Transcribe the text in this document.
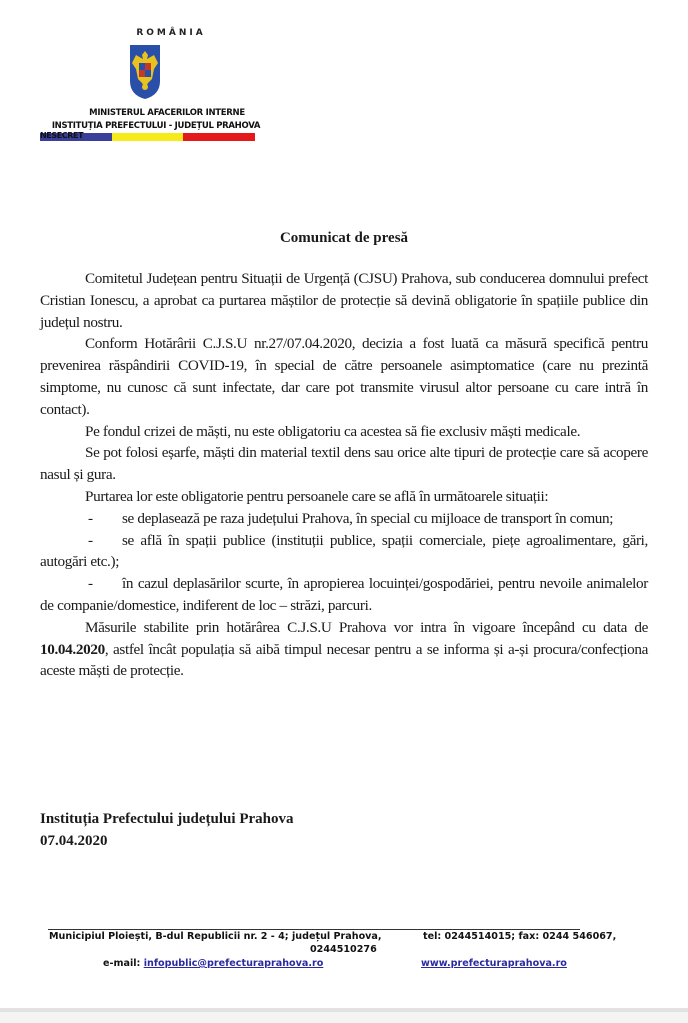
ROMÂNIA
MINISTERUL AFACERILOR INTERNE
INSTITUȚIA PREFECTULUI - JUDEȚUL PRAHOVA
NESECRET
Comunicat de presă

Comitetul Județean pentru Situații de Urgență (CJSU) Prahova, sub conducerea domnului prefect Cristian Ionescu, a aprobat ca purtarea măștilor de protecție să devină obligatorie în spațiile publice din județul nostru.

Conform Hotărârii C.J.S.U nr.27/07.04.2020, decizia a fost luată ca măsură specifică pentru prevenirea răspândirii COVID-19, în special de către persoanele asimptomatice (care nu prezintă simptome, nu cunosc că sunt infectate, dar care pot transmite virusul altor persoane cu care intră în contact).

Pe fondul crizei de măști, nu este obligatoriu ca acestea să fie exclusiv măști medicale.

Se pot folosi eșarfe, măști din material textil dens sau orice alte tipuri de protecție care să acopere nasul și gura.

Purtarea lor este obligatorie pentru persoanele care se află în următoarele situații:

- se deplasează pe raza județului Prahova, în special cu mijloace de transport în comun;
- se află în spații publice (instituții publice, spații comerciale, piețe agroalimentare, gări, autogări etc.);
- în cazul deplasărilor scurte, în apropierea locuinței/gospodăriei, pentru nevoile animalelor de companie/domestice, indiferent de loc – străzi, parcuri.

Măsurile stabilite prin hotărârea C.J.S.U Prahova vor intra în vigoare începând cu data de 10.04.2020, astfel încât populația să aibă timpul necesar pentru a se informa și a-și procura/confecționa aceste măști de protecție.

Instituția Prefectului județului Prahova
07.04.2020
Municipiul Ploiești, B-dul Republicii nr. 2 - 4; județul Prahova,	tel: 0244514015; fax: 0244 546067,
0244510276
e-mail: infopublic@prefecturaprahova.ro	www.prefecturaprahova.ro
